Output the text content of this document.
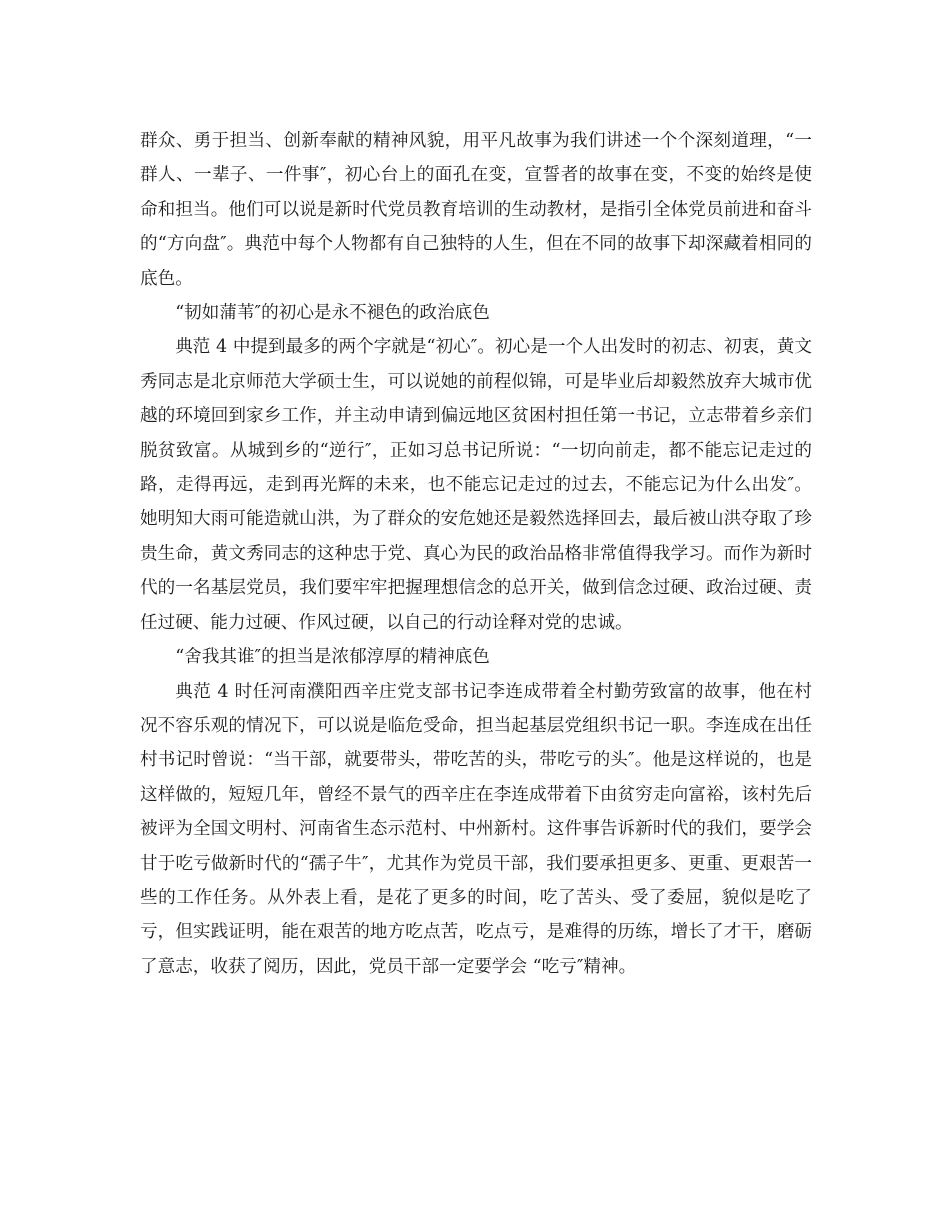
群众、勇于担当、创新奉献的精神风貌，用平凡故事为我们讲述一个个深刻道理，“一群人、一辈子、一件事″，初心台上的面孔在变，宣誓者的故事在变，不变的始终是使命和担当。他们可以说是新时代党员教育培训的生动教材，是指引全体党员前进和奋斗的“方向盘″。典范中每个人物都有自己独特的人生，但在不同的故事下却深藏着相同的底色。

“韧如蒲苇″的初心是永不褪色的政治底色

典范 4 中提到最多的两个字就是“初心″。初心是一个人出发时的初志、初衷，黄文秀同志是北京师范大学硕士生，可以说她的前程似锦，可是毕业后却毅然放弃大城市优越的环境回到家乡工作，并主动申请到偏远地区贫困村担任第一书记，立志带着乡亲们脱贫致富。从城到乡的“逆行″，正如习总书记所说：“一切向前走，都不能忘记走过的路，走得再远，走到再光辉的未来，也不能忘记走过的过去，不能忘记为什么出发″。她明知大雨可能造就山洪，为了群众的安危她还是毅然选择回去，最后被山洪夺取了珍贵生命，黄文秀同志的这种忠于党、真心为民的政治品格非常值得我学习。而作为新时代的一名基层党员，我们要牢牢把握理想信念的总开关，做到信念过硬、政治过硬、责任过硬、能力过硬、作风过硬，以自己的行动诠释对党的忠诚。

“舍我其谁″的担当是浓郁淳厚的精神底色

典范 4 时任河南濮阳西辛庄党支部书记李连成带着全村勤劳致富的故事，他在村况不容乐观的情况下，可以说是临危受命，担当起基层党组织书记一职。李连成在出任村书记时曾说：“当干部，就要带头，带吃苦的头，带吃亏的头″。他是这样说的，也是这样做的，短短几年，曾经不景气的西辛庄在李连成带着下由贫穷走向富裕，该村先后被评为全国文明村、河南省生态示范村、中州新村。这件事告诉新时代的我们，要学会甘于吃亏做新时代的“孺子牛″，尤其作为党员干部，我们要承担更多、更重、更艰苦一些的工作任务。从外表上看，是花了更多的时间，吃了苦头、受了委屈，貌似是吃了亏，但实践证明，能在艰苦的地方吃点苦，吃点亏，是难得的历练，增长了才干，磨砺了意志，收获了阅历，因此，党员干部一定要学会 “吃亏″精神。
